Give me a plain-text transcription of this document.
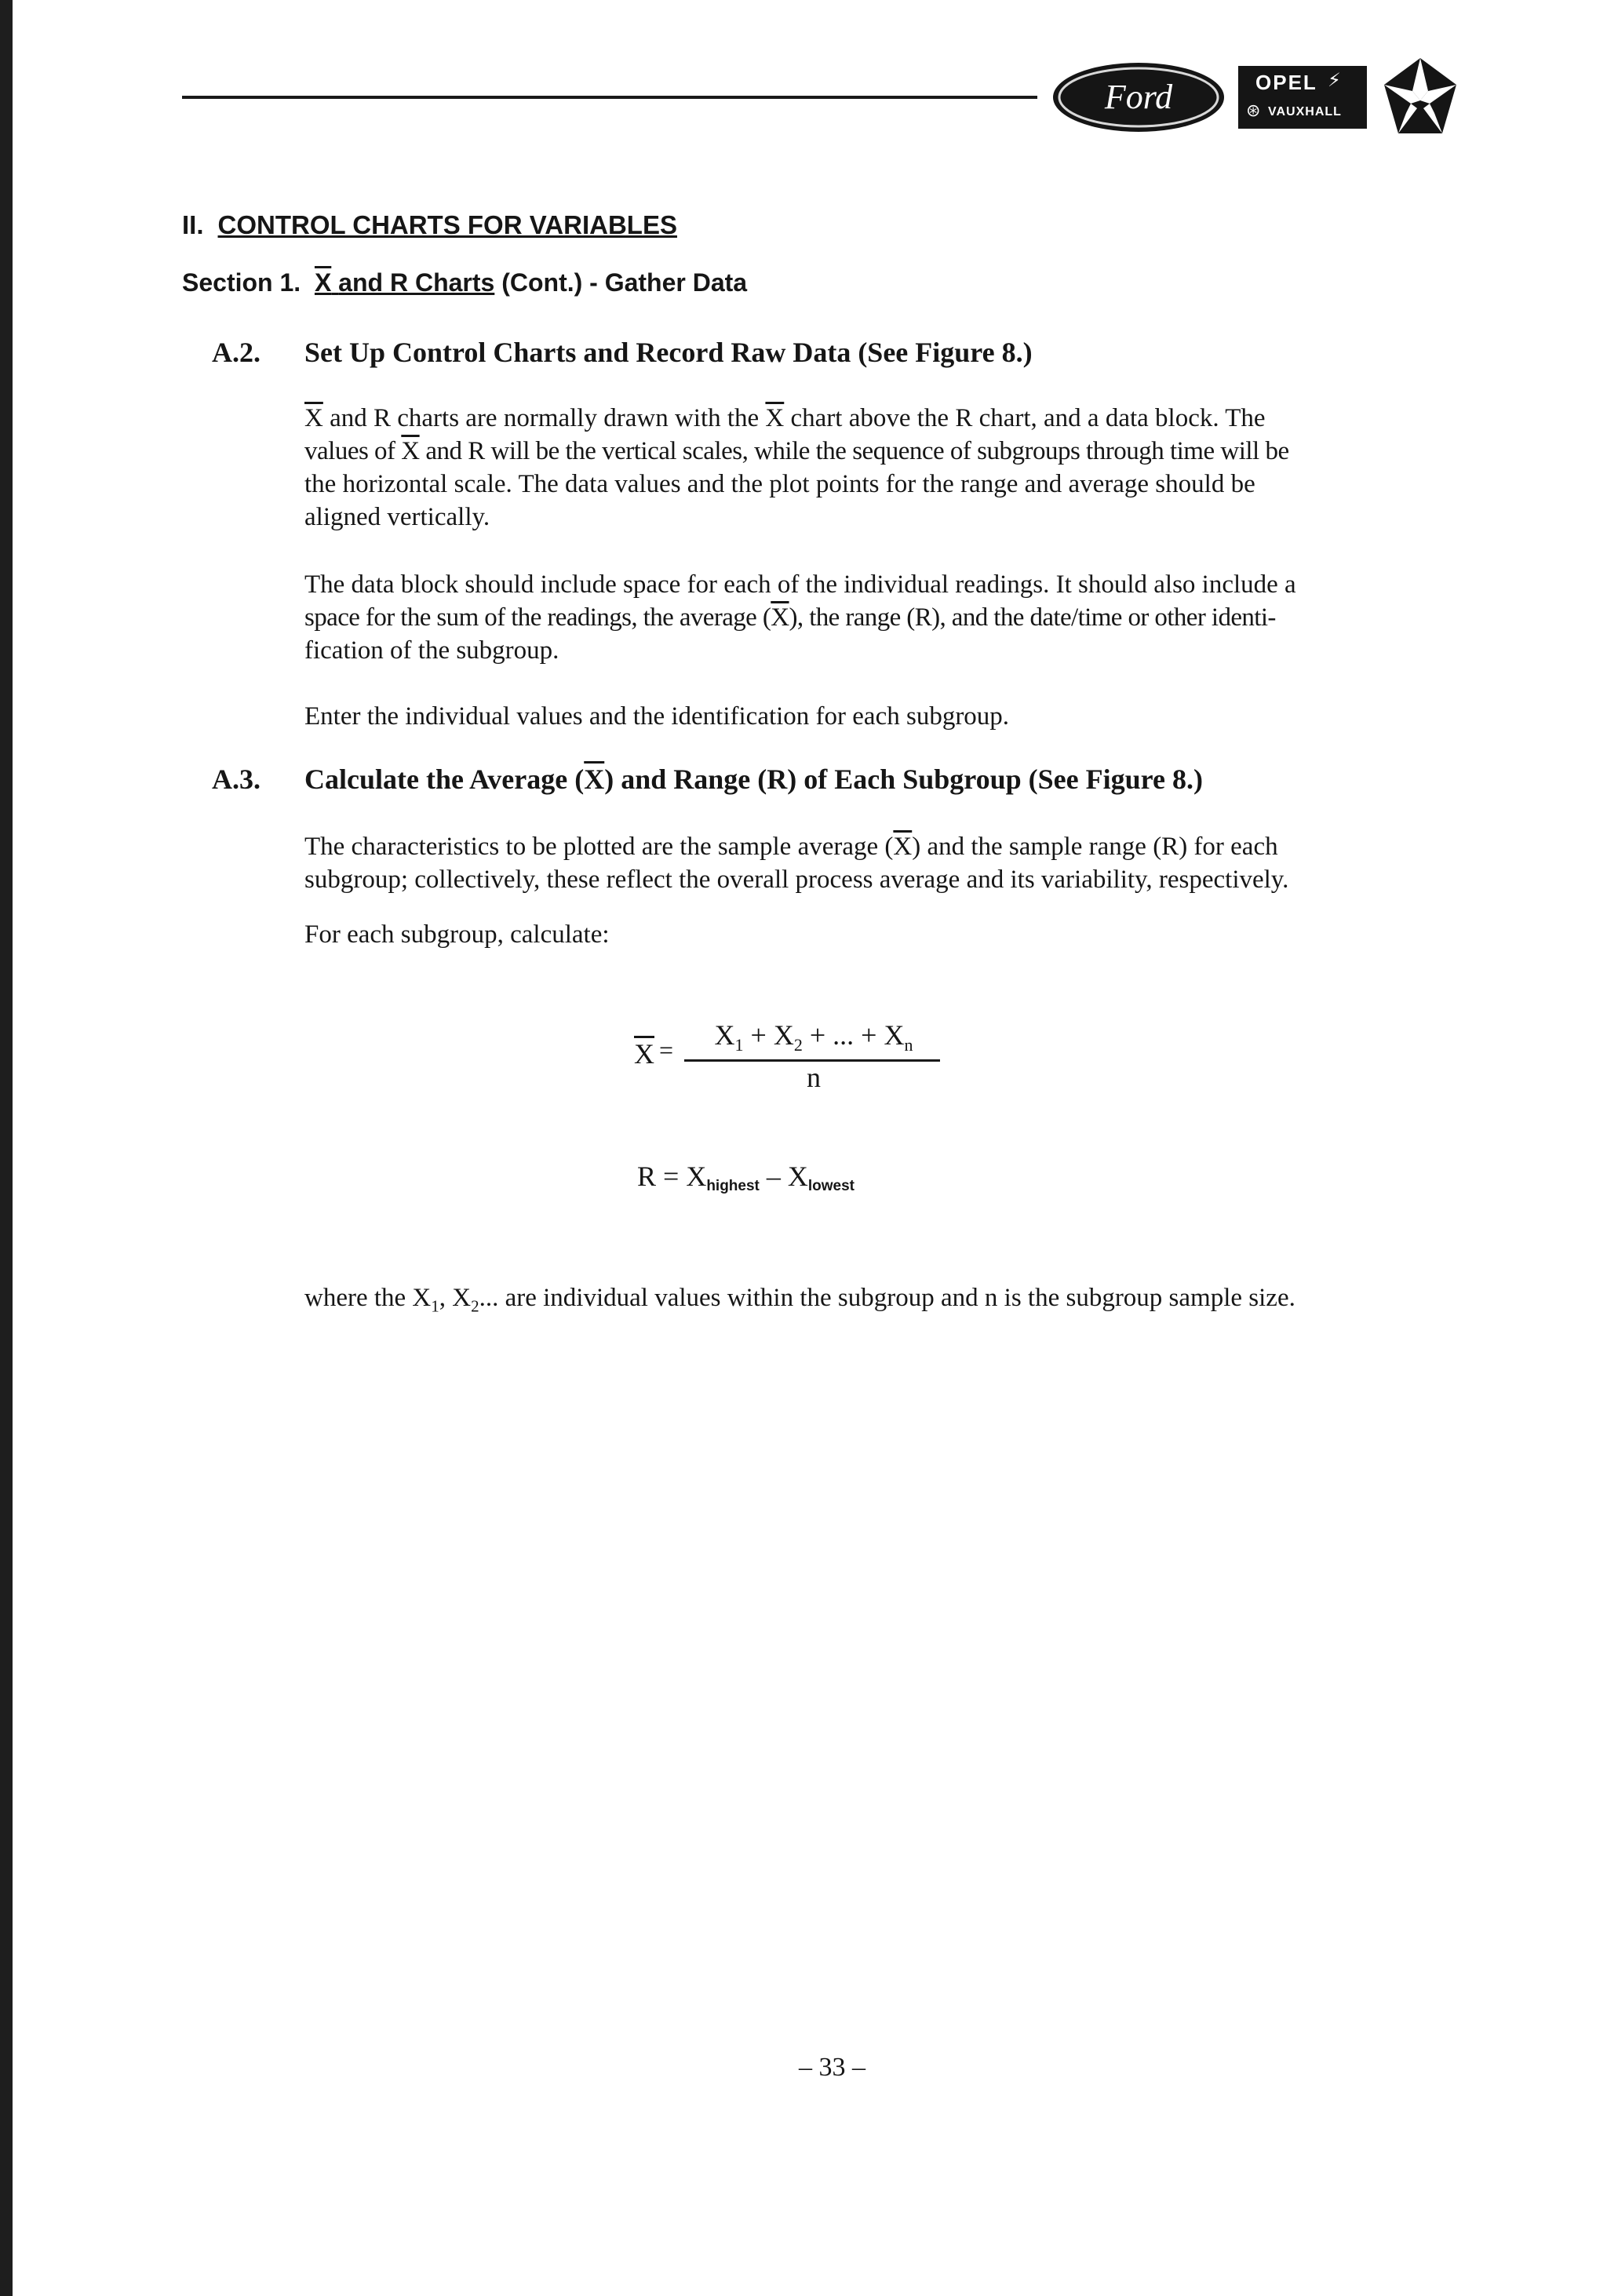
Ford	OPEL ⚡
⊛ VAUXHALL
II. CONTROL CHARTS FOR VARIABLES
Section 1. X and R Charts (Cont.) - Gather Data
A.2. Set Up Control Charts and Record Raw Data (See Figure 8.)
$\overline{X}$ and R charts are normally drawn with the $\overline{X}$ chart above the R chart, and a data block. The
values of $\overline{X}$ and R will be the vertical scales, while the sequence of subgroups through time will be
the horizontal scale. The data values and the plot points for the range and average should be
aligned vertically.
The data block should include space for each of the individual readings. It should also include a
space for the sum of the readings, the average $(\overline{X})$, the range (R), and the date/time or other identi-
fication of the subgroup.
Enter the individual values and the identification for each subgroup.
A.3. Calculate the Average $(\overline{X})$ and Range (R) of Each Subgroup (See Figure 8.)
The characteristics to be plotted are the sample average $(\overline{X})$ and the sample range (R) for each
subgroup; collectively, these reflect the overall process average and its variability, respectively.
For each subgroup, calculate:
$\overline{X}$ =	$X_1 + X_2$ + ... + $X_n$
n
R = Xhighest – Xlowest
where the $X_1$, $X_2$... are individual values within the subgroup and n is the subgroup sample size.
– 33 –
